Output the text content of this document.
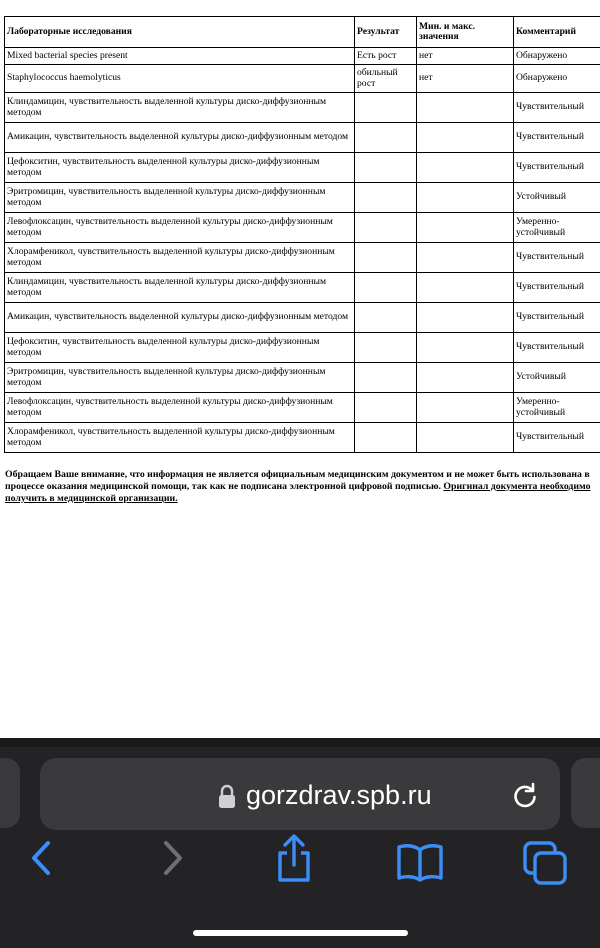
Лабораторные исследования	Результат	Мин. и макс. значения	Комментарий
Mixed bacterial species present	Есть рост	нет	Обнаружено
Staphylococcus haemolyticus	обильный рост	нет	Обнаружено
Клиндамицин, чувствительность выделенной культуры диско-диффузионным методом			Чувствительный
Амикацин, чувствительность выделенной культуры диско-диффузионным методом			Чувствительный
Цефокситин, чувствительность выделенной культуры диско-диффузионным методом			Чувствительный
Эритромицин, чувствительность выделенной культуры диско-диффузионным методом			Устойчивый
Левофлоксацин, чувствительность выделенной культуры диско-диффузионным методом			Умеренно-устойчивый
Хлорамфеникол, чувствительность выделенной культуры диско-диффузионным методом			Чувствительный
Клиндамицин, чувствительность выделенной культуры диско-диффузионным методом			Чувствительный
Амикацин, чувствительность выделенной культуры диско-диффузионным методом			Чувствительный
Цефокситин, чувствительность выделенной культуры диско-диффузионным методом			Чувствительный
Эритромицин, чувствительность выделенной культуры диско-диффузионным методом			Устойчивый
Левофлоксацин, чувствительность выделенной культуры диско-диффузионным методом			Умеренно-устойчивый
Хлорамфеникол, чувствительность выделенной культуры диско-диффузионным методом			Чувствительный
Обращаем Ваше внимание, что информация не является официальным медицинским документом и не может быть использована в процессе оказания медицинской помощи, так как не подписана электронной цифровой подписью. Оригинал документа необходимо получить в медицинской организации.
gorzdrav.spb.ru
